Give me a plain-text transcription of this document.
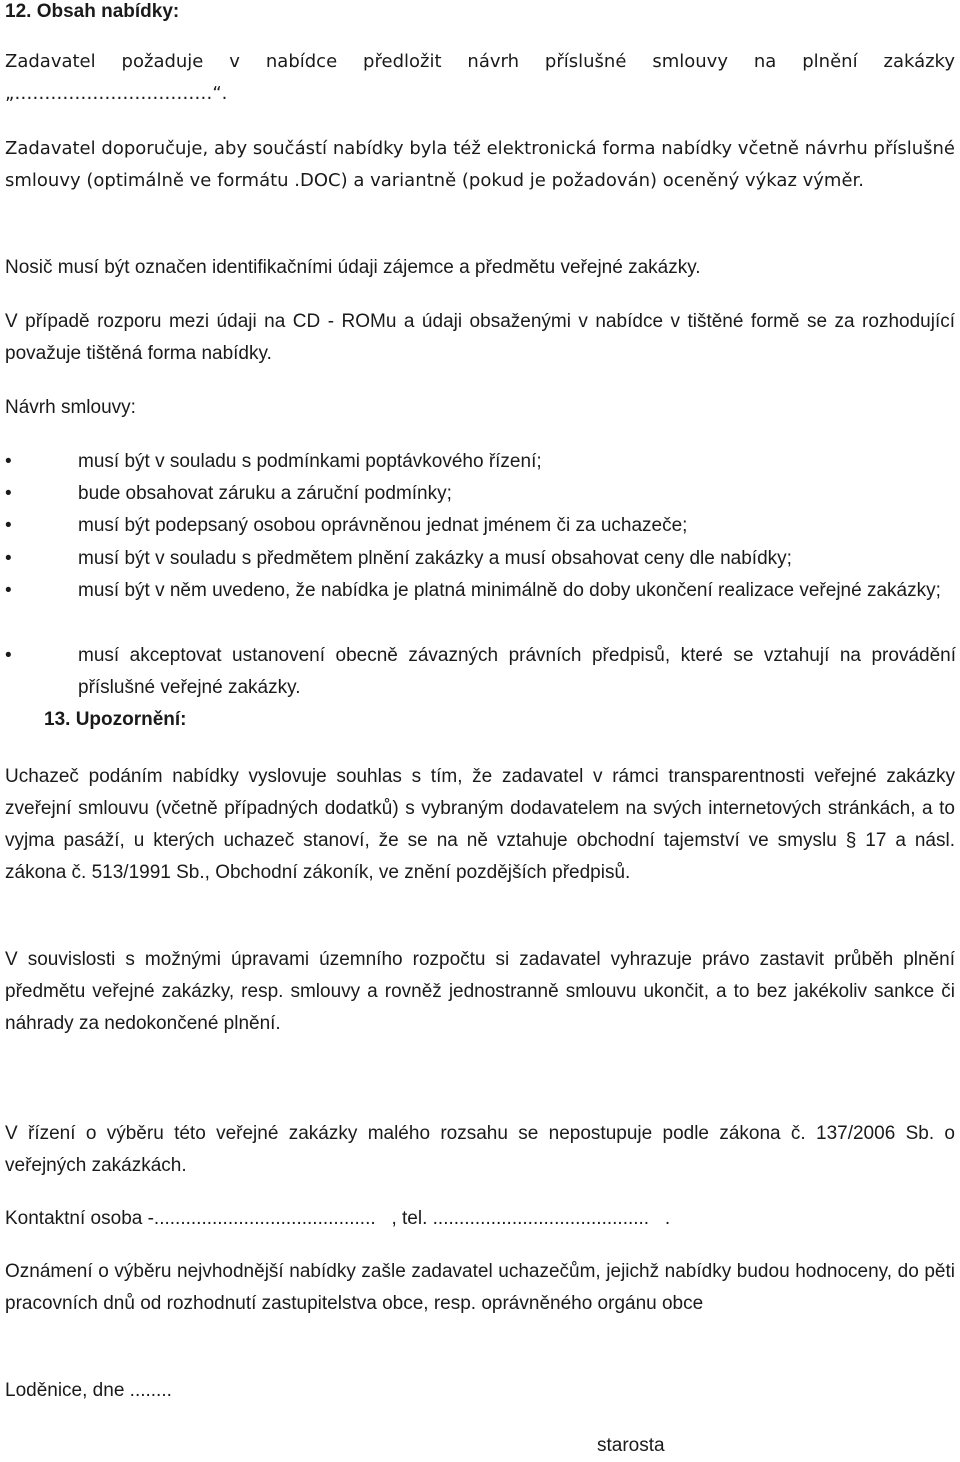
12. Obsah nabídky:

Zadavatel požaduje v nabídce předložit návrh příslušné smlouvy na plnění zakázky

„……………………………“.

Zadavatel doporučuje, aby součástí nabídky byla též elektronická forma nabídky včetně návrhu příslušné smlouvy (optimálně ve formátu .DOC) a variantně (pokud je požadován) oceněný výkaz výměr.

Nosič musí být označen identifikačními údaji zájemce a předmětu veřejné zakázky.

V případě rozporu mezi údaji na CD - ROMu a údaji obsaženými v nabídce v tištěné formě se za rozhodující považuje tištěná forma nabídky.

Návrh smlouvy:

•	musí být v souladu s podmínkami poptávkového řízení;
•	bude obsahovat záruku a záruční podmínky;
•	musí být podepsaný osobou oprávněnou jednat jménem či za uchazeče;
•	musí být v souladu s předmětem plnění zakázky a musí obsahovat ceny dle nabídky;
•	musí být v něm uvedeno, že nabídka je platná minimálně do doby ukončení realizace veřejné zakázky;
•	musí akceptovat ustanovení obecně závazných právních předpisů, které se vztahují na provádění příslušné veřejné zakázky.

13. Upozornění:

Uchazeč podáním nabídky vyslovuje souhlas s tím, že zadavatel v rámci transparentnosti veřejné zakázky zveřejní smlouvu (včetně případných dodatků) s vybraným dodavatelem na svých internetových stránkách, a to vyjma pasáží, u kterých uchazeč stanoví, že se na ně vztahuje obchodní tajemství ve smyslu § 17 a násl. zákona č. 513/1991 Sb., Obchodní zákoník, ve znění pozdějších předpisů.

V souvislosti s možnými úpravami územního rozpočtu si zadavatel vyhrazuje právo zastavit průběh plnění předmětu veřejné zakázky, resp. smlouvy a rovněž jednostranně smlouvu ukončit, a to bez jakékoliv sankce či náhrady za nedokončené plnění.

V řízení o výběru této veřejné zakázky malého rozsahu se nepostupuje podle zákona č. 137/2006 Sb. o veřejných zakázkách.

Kontaktní osoba -..........................................   , tel. .........................................   .

Oznámení o výběru nejvhodnější nabídky zašle zadavatel uchazečům, jejichž nabídky budou hodnoceny, do pěti pracovních dnů od rozhodnutí zastupitelstva obce, resp. oprávněného orgánu obce

Loděnice, dne ........

starosta
